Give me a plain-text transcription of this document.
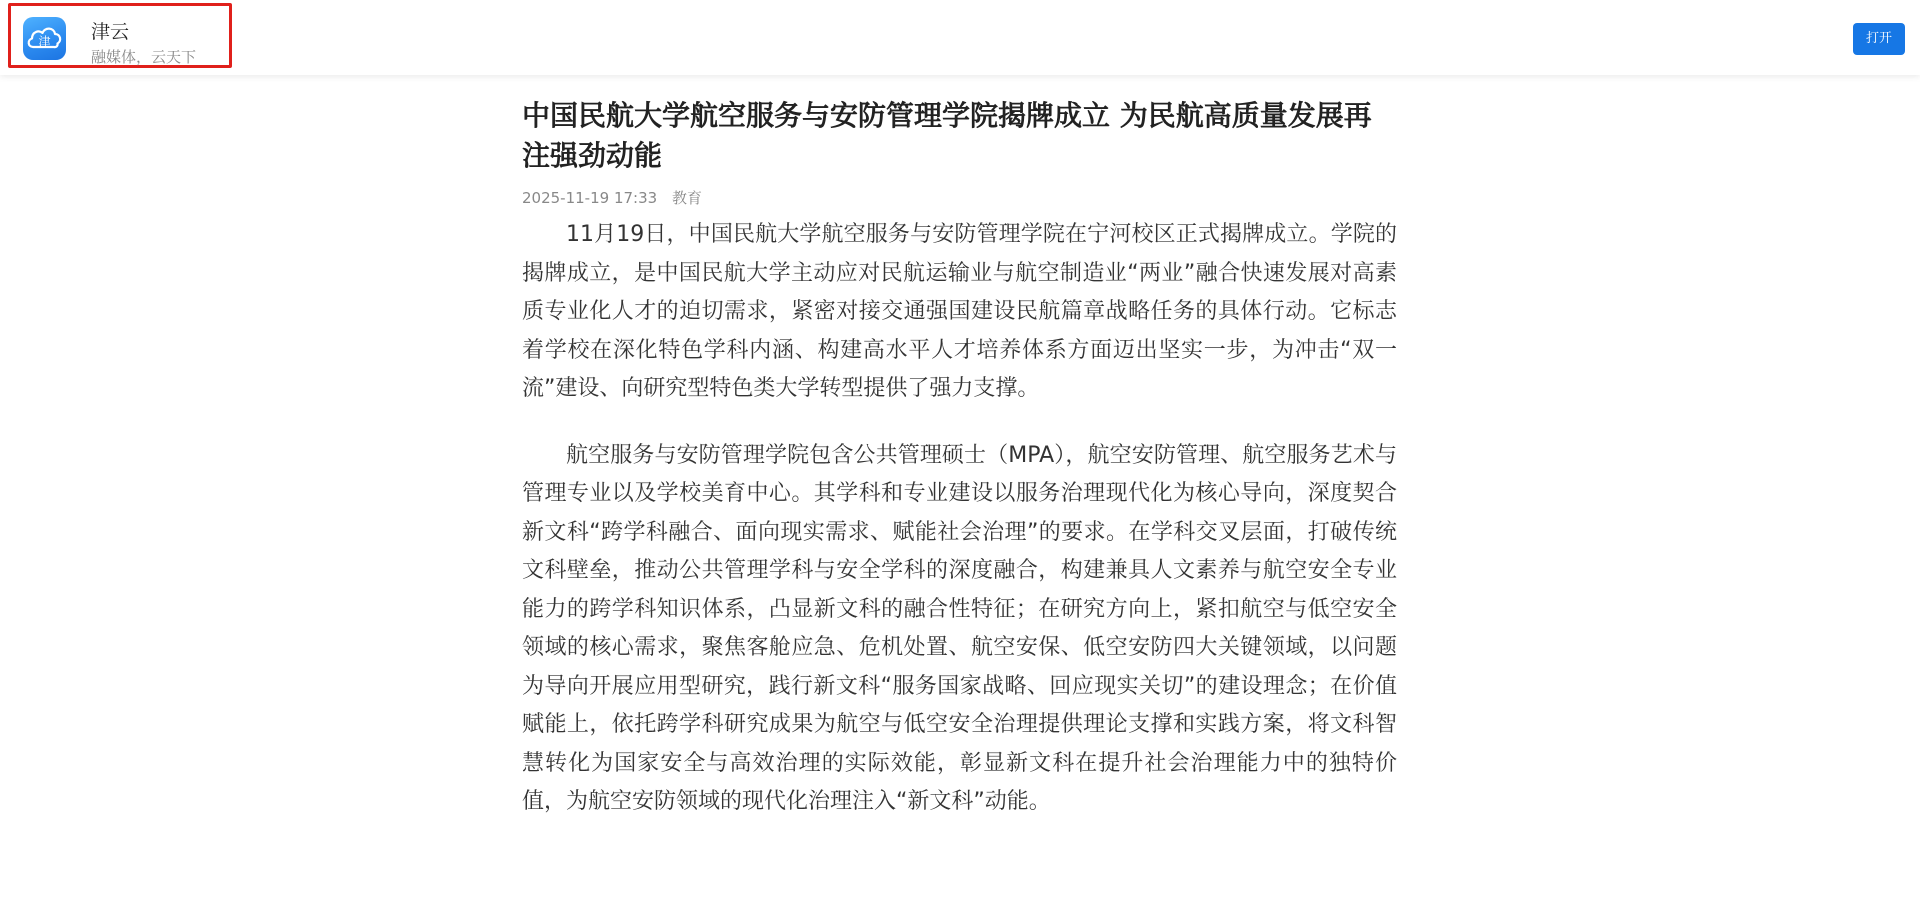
津 津云
融媒体，云天下
打开
中国民航大学航空服务与安防管理学院揭牌成立 为民航高质量发展再注强劲动能
2025-11-19 17:33 教育

11月19日，中国民航大学航空服务与安防管理学院在宁河校区正式揭牌成立。学院的揭牌成立，是中国民航大学主动应对民航运输业与航空制造业“两业”融合快速发展对高素质专业化人才的迫切需求，紧密对接交通强国建设民航篇章战略任务的具体行动。它标志着学校在深化特色学科内涵、构建高水平人才培养体系方面迈出坚实一步，为冲击“双一流”建设、向研究型特色类大学转型提供了强力支撑。

航空服务与安防管理学院包含公共管理硕士（MPA），航空安防管理、航空服务艺术与管理专业以及学校美育中心。其学科和专业建设以服务治理现代化为核心导向，深度契合新文科“跨学科融合、面向现实需求、赋能社会治理”的要求。在学科交叉层面，打破传统文科壁垒，推动公共管理学科与安全学科的深度融合，构建兼具人文素养与航空安全专业能力的跨学科知识体系，凸显新文科的融合性特征；在研究方向上，紧扣航空与低空安全领域的核心需求，聚焦客舱应急、危机处置、航空安保、低空安防四大关键领域，以问题为导向开展应用型研究，践行新文科“服务国家战略、回应现实关切”的建设理念；在价值赋能上，依托跨学科研究成果为航空与低空安全治理提供理论支撑和实践方案，将文科智慧转化为国家安全与高效治理的实际效能，彰显新文科在提升社会治理能力中的独特价值，为航空安防领域的现代化治理注入“新文科”动能。
